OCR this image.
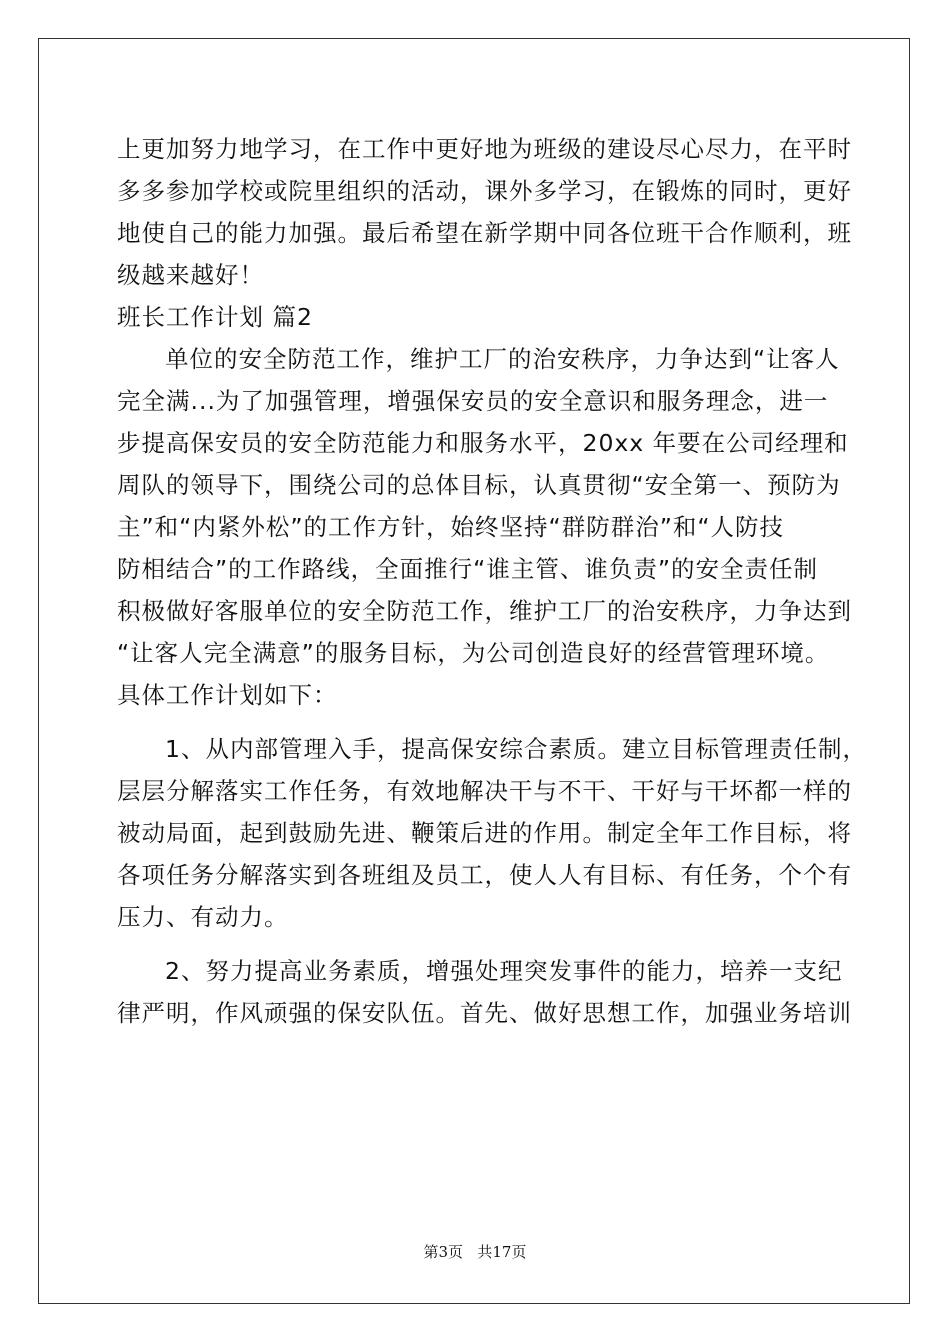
上更加努力地学习，在工作中更好地为班级的建设尽心尽力，在平时
多多参加学校或院里组织的活动，课外多学习，在锻炼的同时，更好
地使自己的能力加强。最后希望在新学期中同各位班干合作顺利，班
级越来越好！
班长工作计划 篇2
单位的安全防范工作，维护工厂的治安秩序，力争达到“让客人
完全满...为了加强管理，增强保安员的安全意识和服务理念，进一
步提高保安员的安全防范能力和服务水平，20xx 年要在公司经理和
周队的领导下，围绕公司的总体目标，认真贯彻“安全第一、预防为
主”和“内紧外松”的工作方针，始终坚持“群防群治”和“人防技
防相结合”的工作路线，全面推行“谁主管、谁负责”的安全责任制
积极做好客服单位的安全防范工作，维护工厂的治安秩序，力争达到
“让客人完全满意”的服务目标，为公司创造良好的经营管理环境。
具体工作计划如下：
1、从内部管理入手，提高保安综合素质。建立目标管理责任制，
层层分解落实工作任务，有效地解决干与不干、干好与干坏都一样的
被动局面，起到鼓励先进、鞭策后进的作用。制定全年工作目标，将
各项任务分解落实到各班组及员工，使人人有目标、有任务，个个有
压力、有动力。
2、努力提高业务素质，增强处理突发事件的能力，培养一支纪
律严明，作风顽强的保安队伍。首先、做好思想工作，加强业务培训
第3页 共17页
